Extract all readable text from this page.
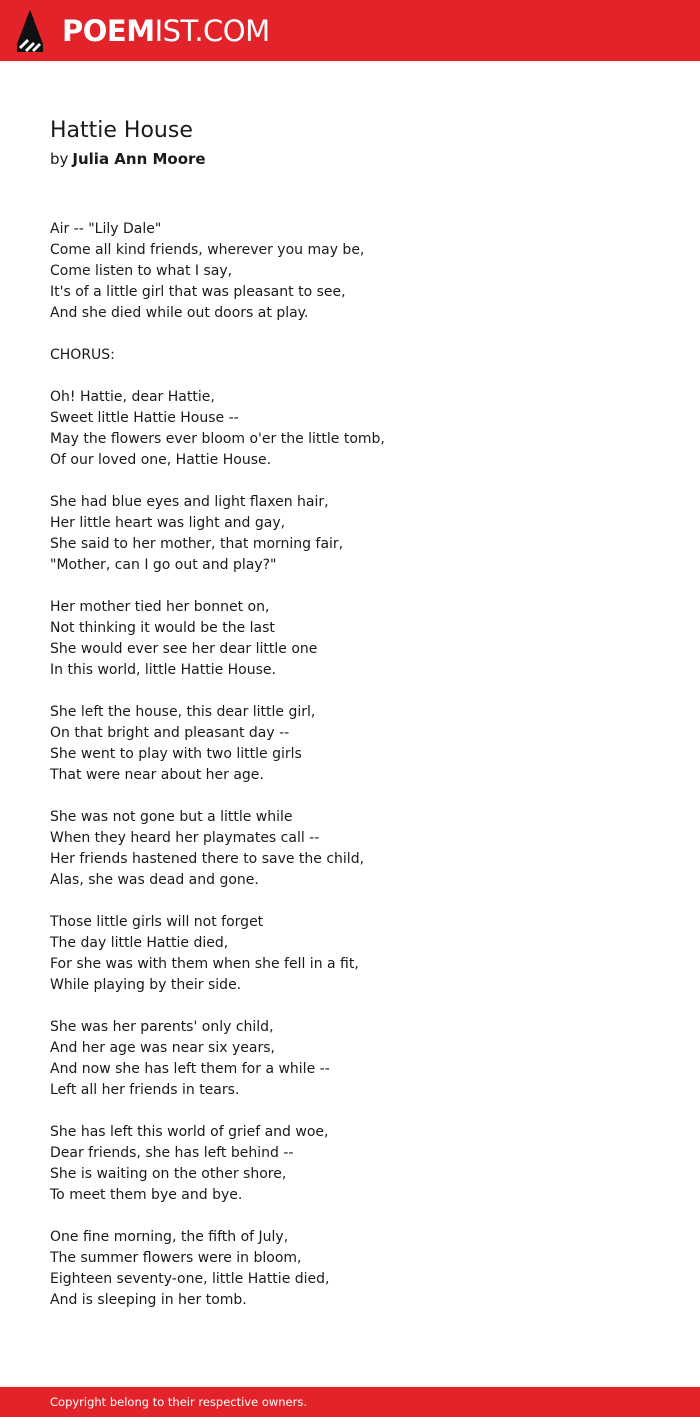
POEMIST.COM
Hattie House
by Julia Ann Moore
Air -- "Lily Dale"
Come all kind friends, wherever you may be,
Come listen to what I say,
It's of a little girl that was pleasant to see,
And she died while out doors at play.
CHORUS:
Oh! Hattie, dear Hattie,
Sweet little Hattie House --
May the flowers ever bloom o'er the little tomb,
Of our loved one, Hattie House.
She had blue eyes and light flaxen hair,
Her little heart was light and gay,
She said to her mother, that morning fair,
"Mother, can I go out and play?"
Her mother tied her bonnet on,
Not thinking it would be the last
She would ever see her dear little one
In this world, little Hattie House.
She left the house, this dear little girl,
On that bright and pleasant day --
She went to play with two little girls
That were near about her age.
She was not gone but a little while
When they heard her playmates call --
Her friends hastened there to save the child,
Alas, she was dead and gone.
Those little girls will not forget
The day little Hattie died,
For she was with them when she fell in a fit,
While playing by their side.
She was her parents' only child,
And her age was near six years,
And now she has left them for a while --
Left all her friends in tears.
She has left this world of grief and woe,
Dear friends, she has left behind --
She is waiting on the other shore,
To meet them bye and bye.
One fine morning, the fifth of July,
The summer flowers were in bloom,
Eighteen seventy-one, little Hattie died,
And is sleeping in her tomb.
Copyright belong to their respective owners.
